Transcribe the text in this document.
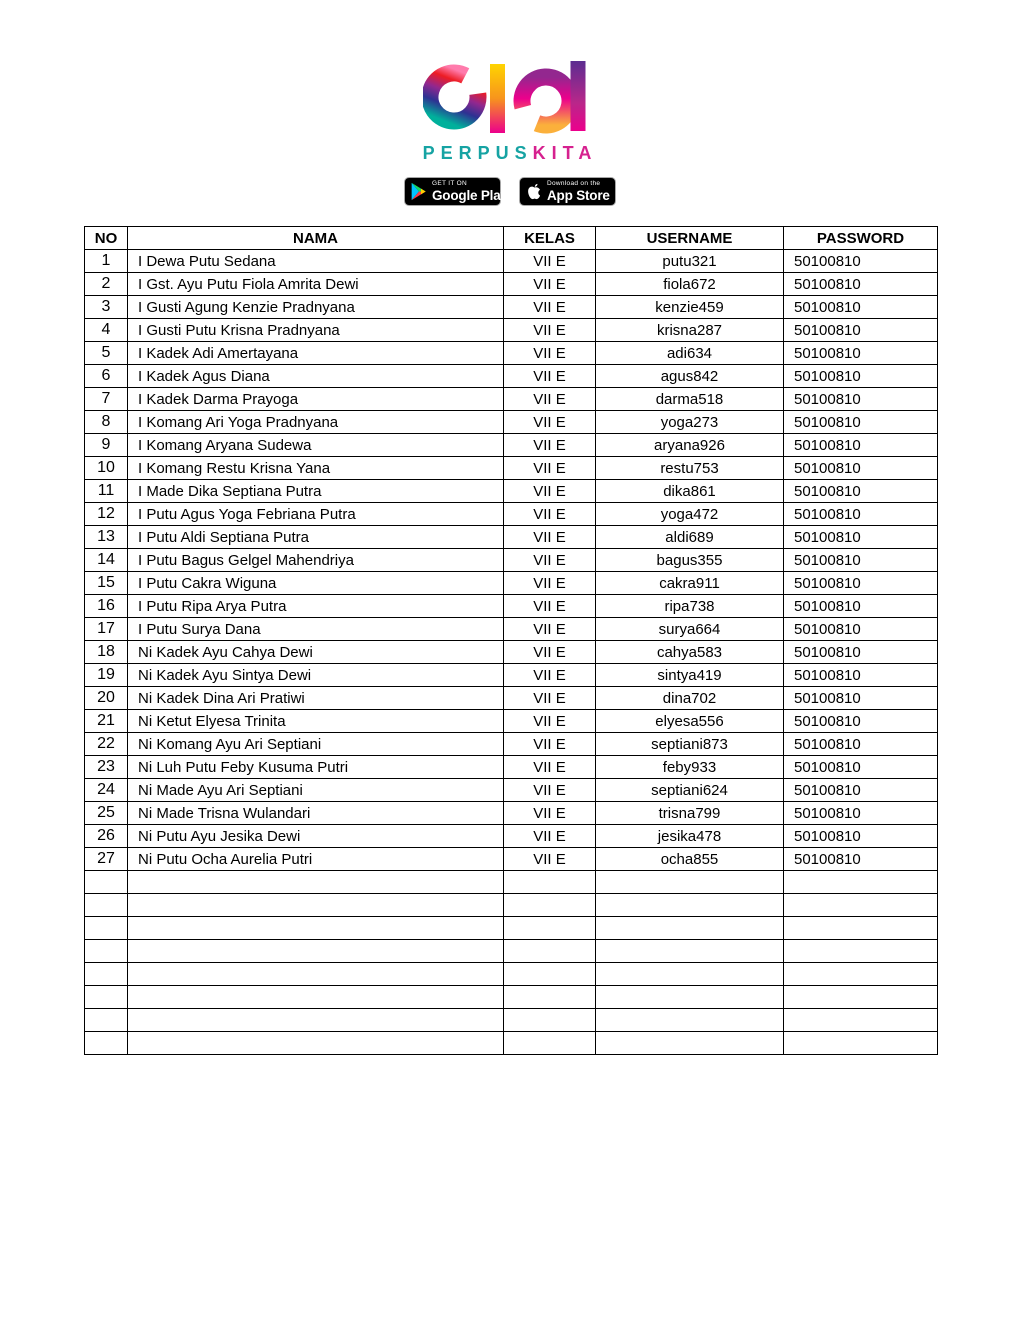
PERPUSKITA
GET IT ON
Google Play
Download on the
App Store
NO	NAMA	KELAS	USERNAME	PASSWORD
1	I Dewa Putu Sedana	VII E	putu321	50100810
2	I Gst. Ayu Putu Fiola Amrita Dewi	VII E	fiola672	50100810
3	I Gusti Agung Kenzie Pradnyana	VII E	kenzie459	50100810
4	I Gusti Putu Krisna Pradnyana	VII E	krisna287	50100810
5	I Kadek Adi Amertayana	VII E	adi634	50100810
6	I Kadek Agus Diana	VII E	agus842	50100810
7	I Kadek Darma Prayoga	VII E	darma518	50100810
8	I Komang Ari Yoga Pradnyana	VII E	yoga273	50100810
9	I Komang Aryana Sudewa	VII E	aryana926	50100810
10	I Komang Restu Krisna Yana	VII E	restu753	50100810
11	I Made Dika Septiana Putra	VII E	dika861	50100810
12	I Putu Agus Yoga Febriana Putra	VII E	yoga472	50100810
13	I Putu Aldi Septiana Putra	VII E	aldi689	50100810
14	I Putu Bagus Gelgel Mahendriya	VII E	bagus355	50100810
15	I Putu Cakra Wiguna	VII E	cakra911	50100810
16	I Putu Ripa Arya Putra	VII E	ripa738	50100810
17	I Putu Surya Dana	VII E	surya664	50100810
18	Ni Kadek Ayu Cahya Dewi	VII E	cahya583	50100810
19	Ni Kadek Ayu Sintya Dewi	VII E	sintya419	50100810
20	Ni Kadek Dina Ari Pratiwi	VII E	dina702	50100810
21	Ni Ketut Elyesa Trinita	VII E	elyesa556	50100810
22	Ni Komang Ayu Ari Septiani	VII E	septiani873	50100810
23	Ni Luh Putu Feby Kusuma Putri	VII E	feby933	50100810
24	Ni Made Ayu Ari Septiani	VII E	septiani624	50100810
25	Ni Made Trisna Wulandari	VII E	trisna799	50100810
26	Ni Putu Ayu Jesika Dewi	VII E	jesika478	50100810
27	Ni Putu Ocha Aurelia Putri	VII E	ocha855	50100810
